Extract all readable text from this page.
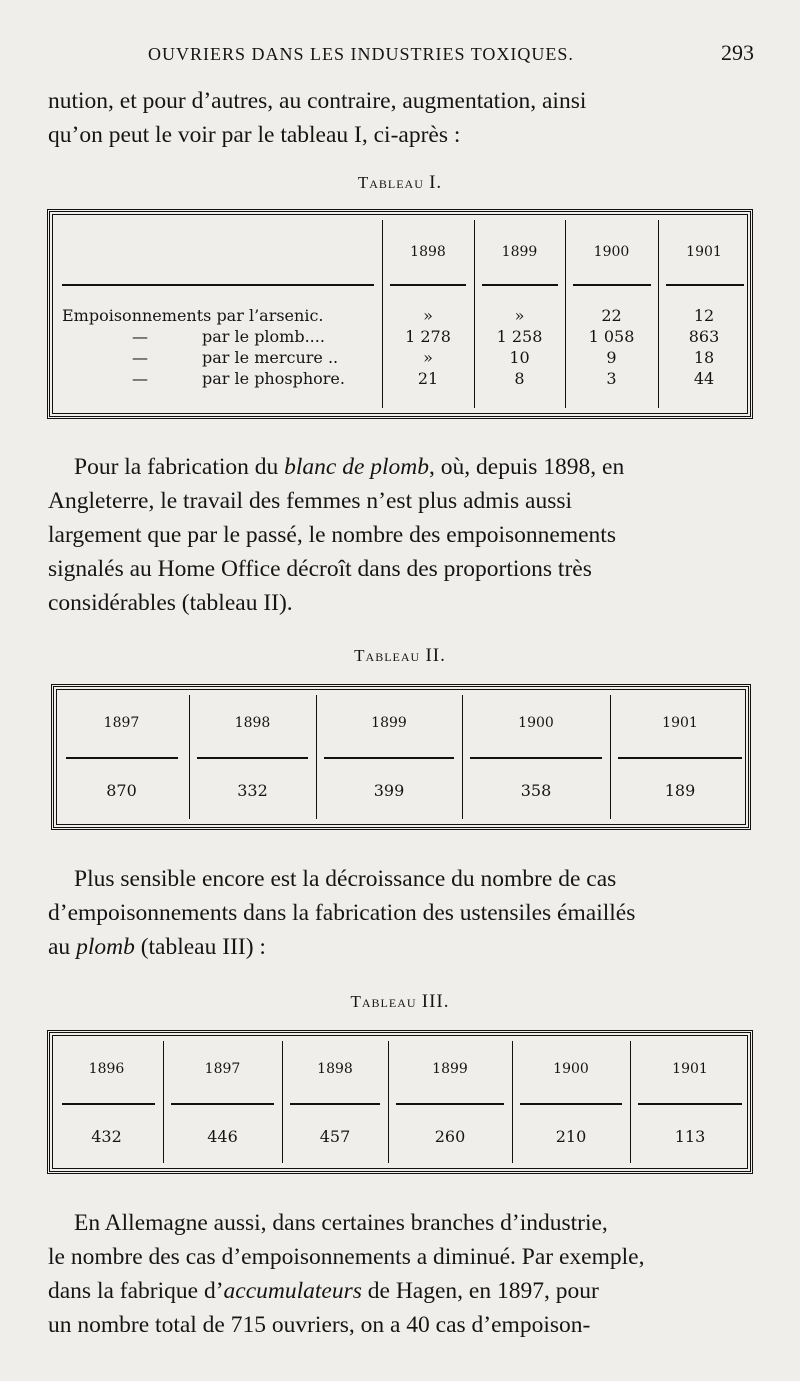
OUVRIERS DANS LES INDUSTRIES TOXIQUES.	293
nution, et pour d’autres, au contraire, augmentation, ainsi
qu’on peut le voir par le tableau I, ci-après :
Tableau I.
1898	1899	1900	1901
Empoisonnements par l’arsenic.	»	»	22	12
—	par le plomb....	1 278	1 258	1 058	863
—	par le mercure ..	»	10	9	18
—	par le phosphore.	21	8	3	44
Pour la fabrication du blanc de plomb, où, depuis 1898, en
Angleterre, le travail des femmes n’est plus admis aussi
largement que par le passé, le nombre des empoisonnements
signalés au Home Office décroît dans des proportions très
considérables (tableau II).
Tableau II.
1897	1898	1899	1900	1901
870	332	399	358	189
Plus sensible encore est la décroissance du nombre de cas
d’empoisonnements dans la fabrication des ustensiles émaillés
au plomb (tableau III) :
Tableau III.
1896	1897	1898	1899	1900	1901
432	446	457	260	210	113
En Allemagne aussi, dans certaines branches d’industrie,
le nombre des cas d’empoisonnements a diminué. Par exemple,
dans la fabrique d’accumulateurs de Hagen, en 1897, pour
un nombre total de 715 ouvriers, on a 40 cas d’empoison-
